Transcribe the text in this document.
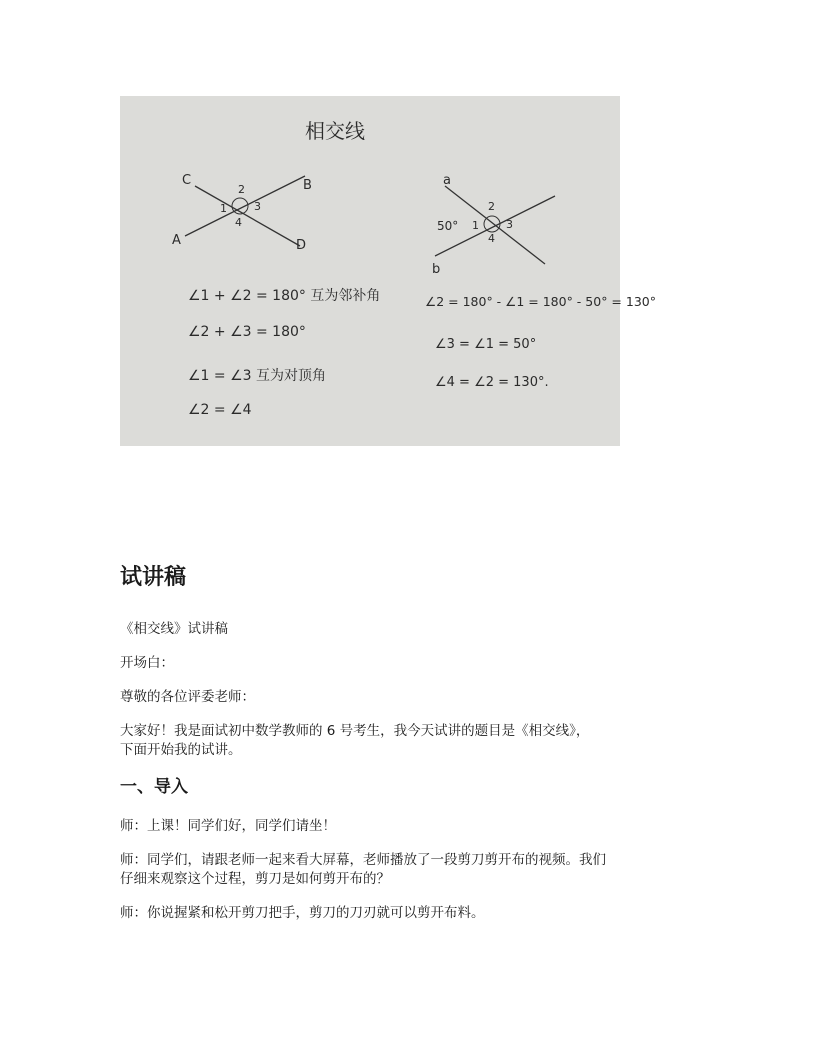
相交线
C	B
A	D
1
2
3
4
a
b
50° 1
2
3
4
∠1 + ∠2 = 180° 互为邻补角
∠2 + ∠3 = 180°
∠1 = ∠3 互为对顶角
∠2 = ∠4
∠2 = 180° - ∠1 = 180° - 50° = 130°
∠3 = ∠1 = 50°
∠4 = ∠2 = 130°.
试讲稿

《相交线》试讲稿

开场白：

尊敬的各位评委老师：

大家好！我是面试初中数学教师的 6 号考生，我今天试讲的题目是《相交线》，
下面开始我的试讲。

一、导入

师：上课！同学们好，同学们请坐！

师：同学们，请跟老师一起来看大屏幕，老师播放了一段剪刀剪开布的视频。我们
仔细来观察这个过程，剪刀是如何剪开布的？

师：你说握紧和松开剪刀把手，剪刀的刀刃就可以剪开布料。
